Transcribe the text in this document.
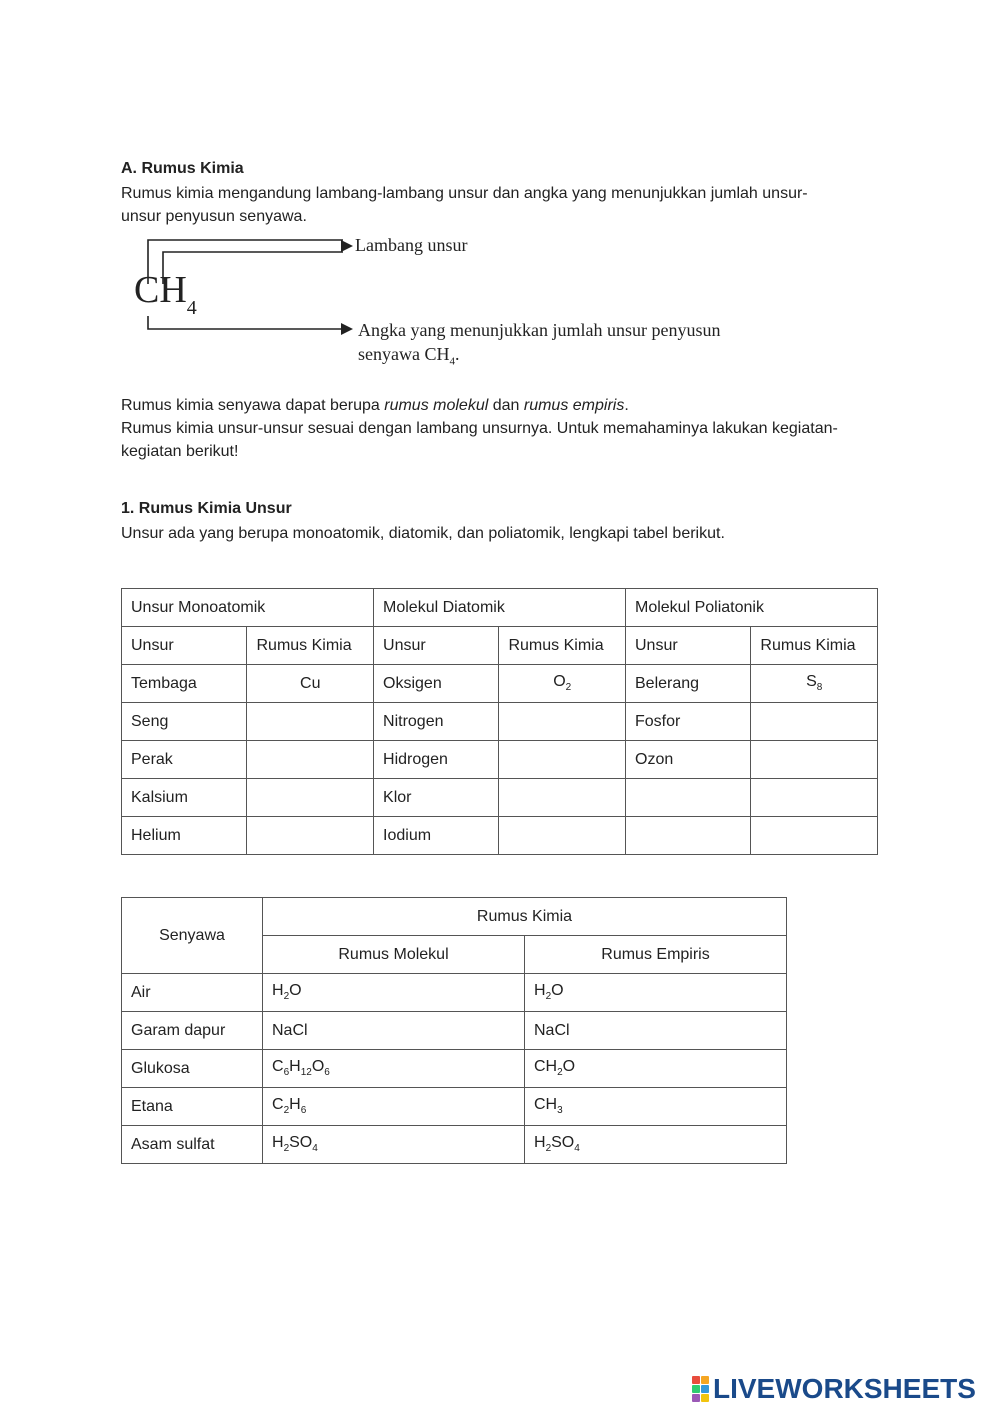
A. Rumus Kimia
Rumus kimia mengandung lambang-lambang unsur dan angka yang menunjukkan jumlah unsur-
unsur penyusun senyawa.
$CH_4$
Lambang unsur
Angka yang menunjukkan jumlah unsur penyusun
senyawa $CH_4$.
Rumus kimia senyawa dapat berupa rumus molekul dan rumus empiris.
Rumus kimia unsur-unsur sesuai dengan lambang unsurnya. Untuk memahaminya lakukan kegiatan-
kegiatan berikut!
1. Rumus Kimia Unsur
Unsur ada yang berupa monoatomik, diatomik, dan poliatomik, lengkapi tabel berikut.
Unsur Monoatomik		Molekul Diatomik		Molekul Poliatonik	
Unsur	Rumus Kimia	Unsur	Rumus Kimia	Unsur	Rumus Kimia
Tembaga	Cu	Oksigen	$O_2$	Belerang	$S_8$
Seng		Nitrogen		Fosfor	
Perak		Hidrogen		Ozon	
Kalsium		Klor			
Helium		Iodium			
Senyawa	Rumus Kimia	
	Rumus Molekul	Rumus Empiris
Air	$H_2O$	$H_2O$
Garam dapur	NaCl	NaCl
Glukosa	$C_6H_{12}O_6$	$CH_2O$
Etana	$C_2H_6$	$CH_3$
Asam sulfat	$H_2SO_4$	$H_2SO_4$
LIVEWORKSHEETS
